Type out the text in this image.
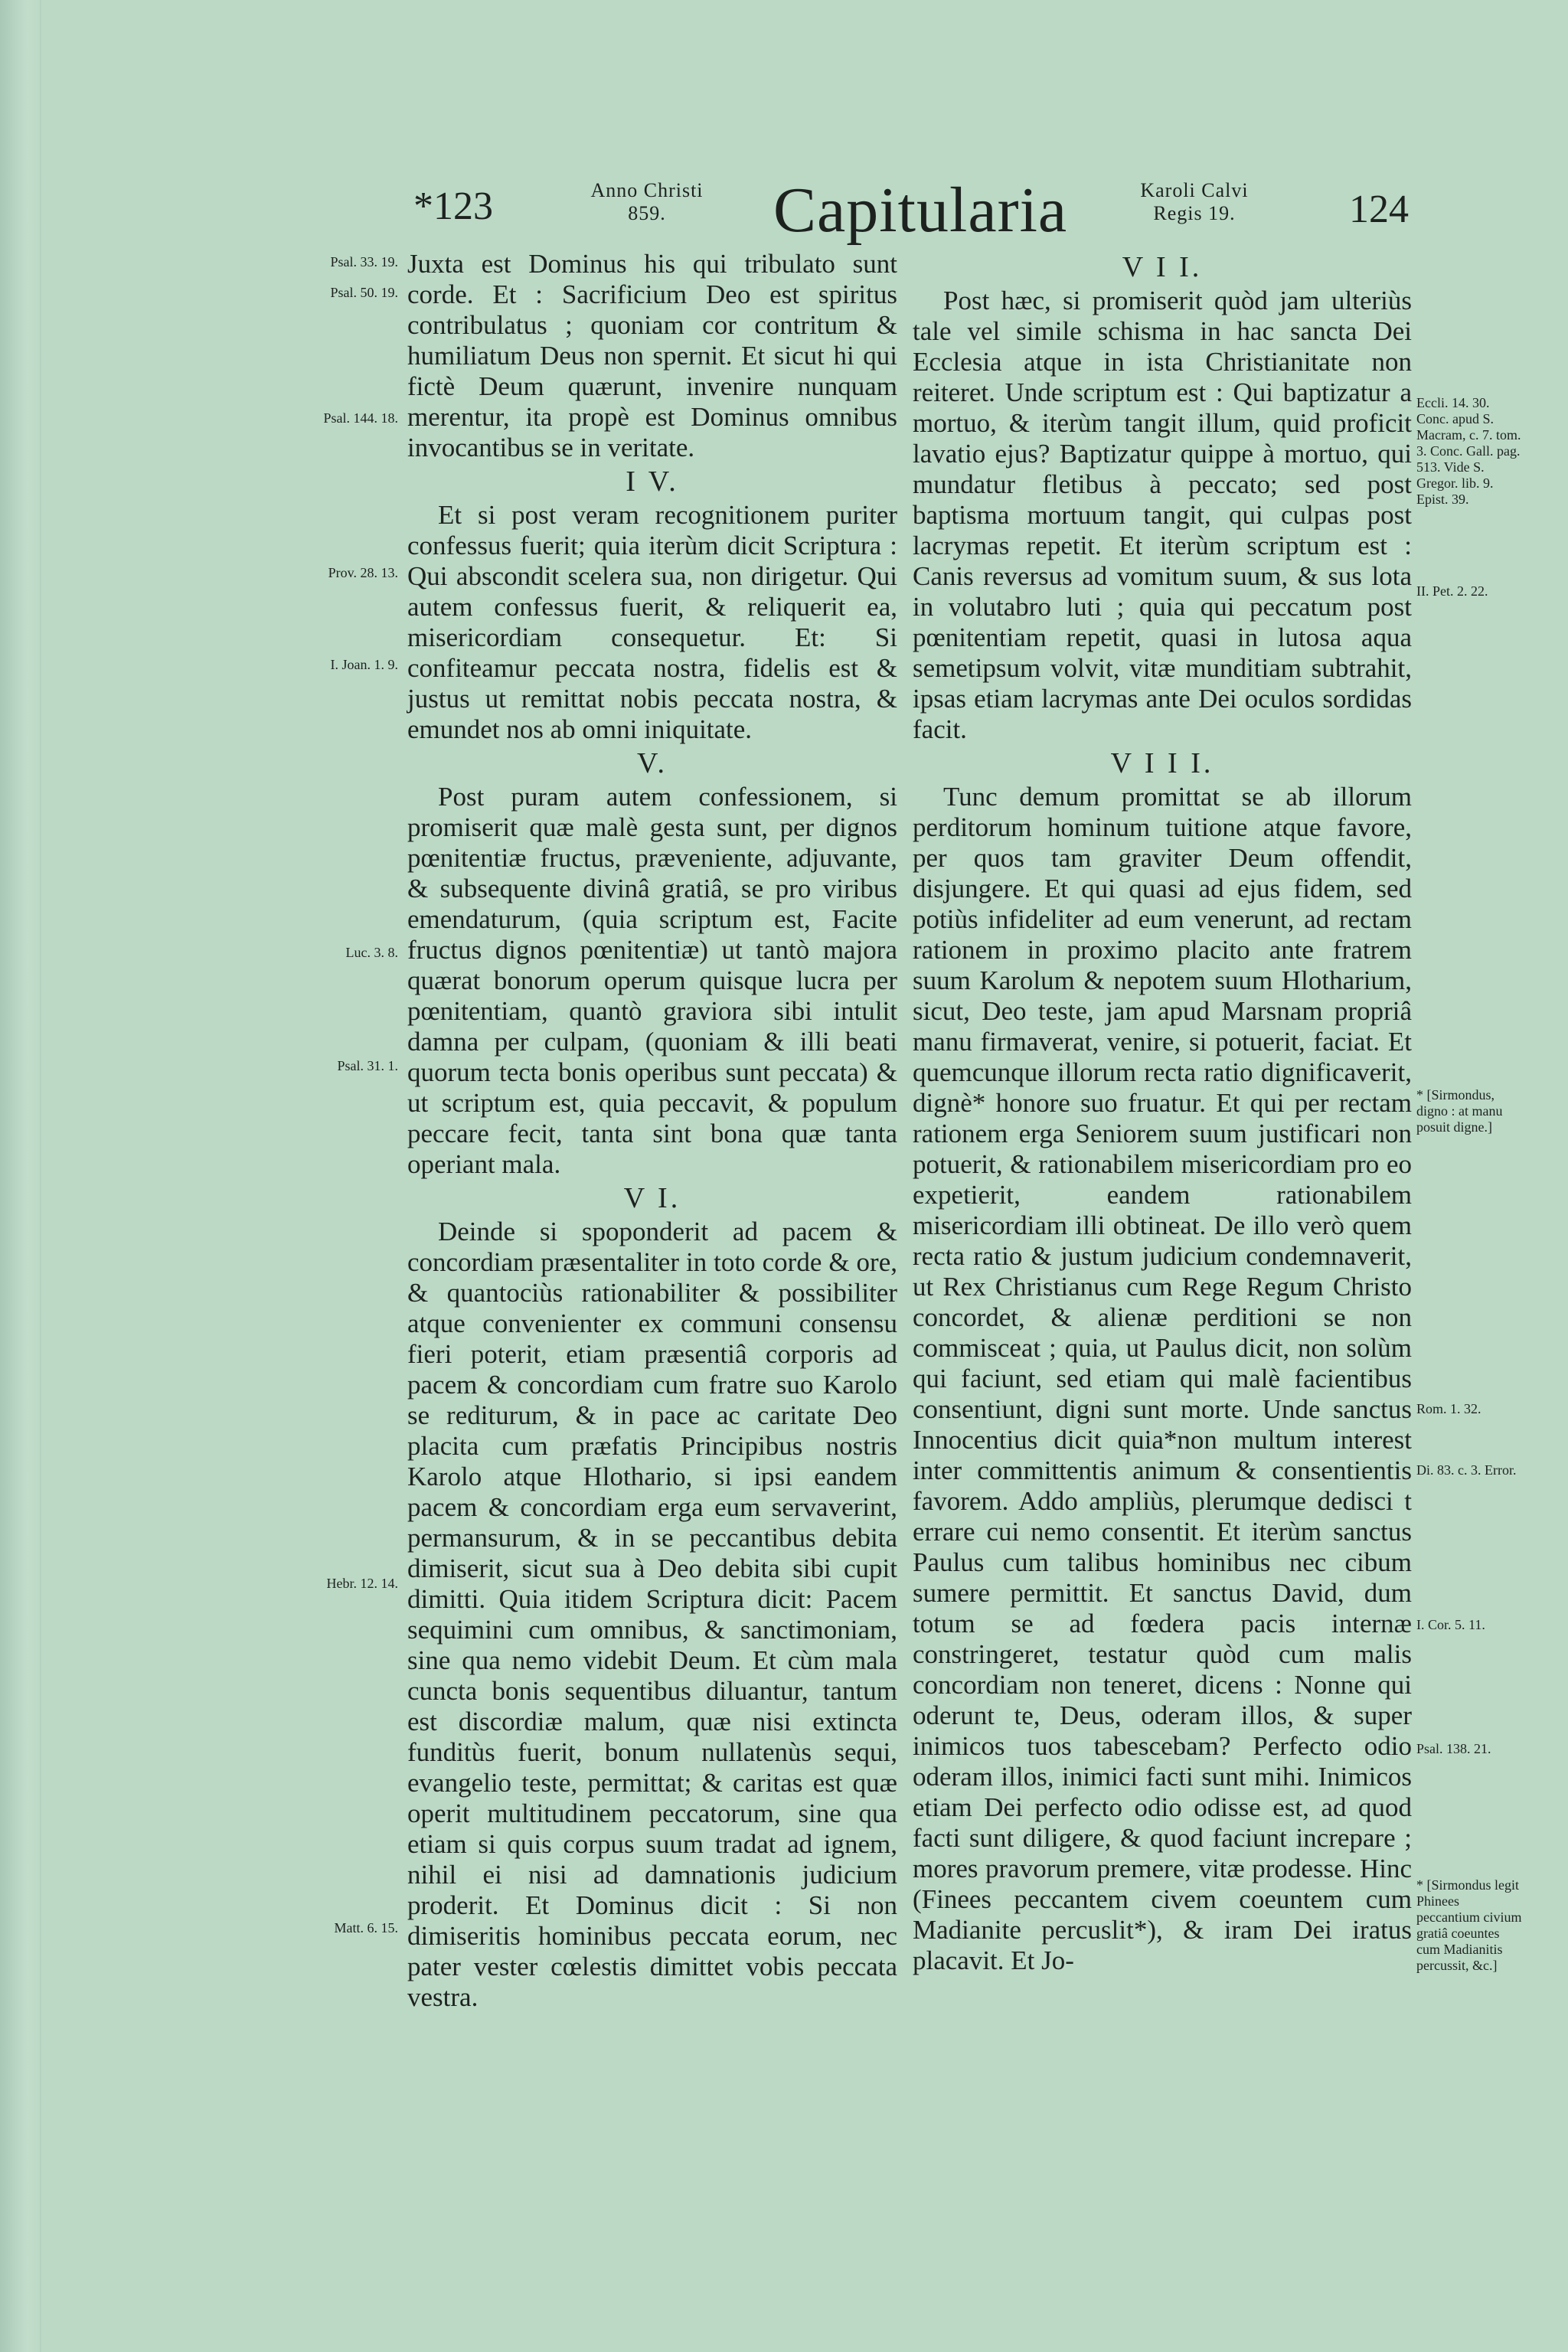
*123	Anno Christi
859.	Capitularia	Karoli Calvi
Regis 19.	124

Juxta est Dominus his qui tribulato sunt corde. Et : Sacrificium Deo est spiritus contribulatus ; quoniam cor contritum & humiliatum Deus non spernit. Et sicut hi qui fictè Deum quærunt, invenire nunquam merentur, ita propè est Dominus omnibus invocantibus se in veritate.

I V.

Et si post veram recognitionem puriter confessus fuerit; quia iterùm dicit Scriptura : Qui abscondit scelera sua, non dirigetur. Qui autem confessus fuerit, & reliquerit ea, misericordiam consequetur. Et: Si confiteamur peccata nostra, fidelis est & justus ut remittat nobis peccata nostra, & emundet nos ab omni iniquitate.

V.

Post puram autem confessionem, si promiserit quæ malè gesta sunt, per dignos pœnitentiæ fructus, præveniente, adjuvante, & subsequente divinâ gratiâ, se pro viribus emendaturum, (quia scriptum est, Facite fructus dignos pœnitentiæ) ut tantò majora quærat bonorum operum quisque lucra per pœnitentiam, quantò graviora sibi intulit damna per culpam, (quoniam & illi beati quorum tecta bonis operibus sunt peccata) & ut scriptum est, quia peccavit, & populum peccare fecit, tanta sint bona quæ tanta operiant mala.

V I.

Deinde si spoponderit ad pacem & concordiam præsentaliter in toto corde & ore, & quantociùs rationabiliter & possibiliter atque convenienter ex communi consensu fieri poterit, etiam præsentiâ corporis ad pacem & concordiam cum fratre suo Karolo se rediturum, & in pace ac caritate Deo placita cum præfatis Principibus nostris Karolo atque Hlothario, si ipsi eandem pacem & concordiam erga eum servaverint, permansurum, & in se peccantibus debita dimiserit, sicut sua à Deo debita sibi cupit dimitti. Quia itidem Scriptura dicit: Pacem sequimini cum omnibus, & sanctimoniam, sine qua nemo videbit Deum. Et cùm mala cuncta bonis sequentibus diluantur, tantum est discordiæ malum, quæ nisi extincta funditùs fuerit, bonum nullatenùs sequi, evangelio teste, permittat; & caritas est quæ operit multitudinem peccatorum, sine qua etiam si quis corpus suum tradat ad ignem, nihil ei nisi ad damnationis judicium proderit. Et Dominus dicit : Si non dimiseritis hominibus peccata eorum, nec pater vester cœlestis dimittet vobis peccata vestra.

V I I.

Post hæc, si promiserit quòd jam ulteriùs tale vel simile schisma in hac sancta Dei Ecclesia atque in ista Christianitate non reiteret. Unde scriptum est : Qui baptizatur a mortuo, & iterùm tangit illum, quid proficit lavatio ejus? Baptizatur quippe à mortuo, qui mundatur fletibus à peccato; sed post baptisma mortuum tangit, qui culpas post lacrymas repetit. Et iterùm scriptum est : Canis reversus ad vomitum suum, & sus lota in volutabro luti ; quia qui peccatum post pœnitentiam repetit, quasi in lutosa aqua semetipsum volvit, vitæ munditiam subtrahit, ipsas etiam lacrymas ante Dei oculos sordidas facit.

V I I I.

Tunc demum promittat se ab illorum perditorum hominum tuitione atque favore, per quos tam graviter Deum offendit, disjungere. Et qui quasi ad ejus fidem, sed potiùs infideliter ad eum venerunt, ad rectam rationem in proximo placito ante fratrem suum Karolum & nepotem suum Hlotharium, sicut, Deo teste, jam apud Marsnam propriâ manu firmaverat, venire, si potuerit, faciat. Et quemcunque illorum recta ratio dignificaverit, dignè* honore suo fruatur. Et qui per rectam rationem erga Seniorem suum justificari non potuerit, & rationabilem misericordiam pro eo expetierit, eandem rationabilem misericordiam illi obtineat. De illo verò quem recta ratio & justum judicium condemnaverit, ut Rex Christianus cum Rege Regum Christo concordet, & alienæ perditioni se non commisceat ; quia, ut Paulus dicit, non solùm qui faciunt, sed etiam qui malè facientibus consentiunt, digni sunt morte. Unde sanctus Innocentius dicit quia*non multum interest inter committentis animum & consentientis favorem. Addo ampliùs, plerumque dedisci t errare cui nemo consentit. Et iterùm sanctus Paulus cum talibus hominibus nec cibum sumere permittit. Et sanctus David, dum totum se ad fœdera pacis internæ constringeret, testatur quòd cum malis concordiam non teneret, dicens : Nonne qui oderunt te, Deus, oderam illos, & super inimicos tuos tabescebam? Perfecto odio oderam illos, inimici facti sunt mihi. Inimicos etiam Dei perfecto odio odisse est, ad quod facti sunt diligere, & quod faciunt increpare ; mores pravorum premere, vitæ prodesse. Hinc (Finees peccantem civem coeuntem cum Madianite percuslit*), & iram Dei iratus placavit. Et Jo-

Psal. 33. 19.
Psal. 50. 19.
Psal. 144. 18.
Prov. 28. 13.
I. Joan. 1. 9.
Luc. 3. 8.
Psal. 31. 1.
Hebr. 12. 14.
Matt. 6. 15.
Eccli. 14. 30. Conc. apud S. Macram, c. 7. tom. 3. Conc. Gall. pag. 513. Vide S. Gregor. lib. 9. Epist. 39.
II. Pet. 2. 22.
* [Sirmondus, digno : at manu posuit digne.]
Rom. 1. 32.
Di. 83. c. 3. Error.
I. Cor. 5. 11.
Psal. 138. 21.
* [Sirmondus legit Phinees peccantium civium gratiâ coeuntes cum Madianitis percussit, &c.]
